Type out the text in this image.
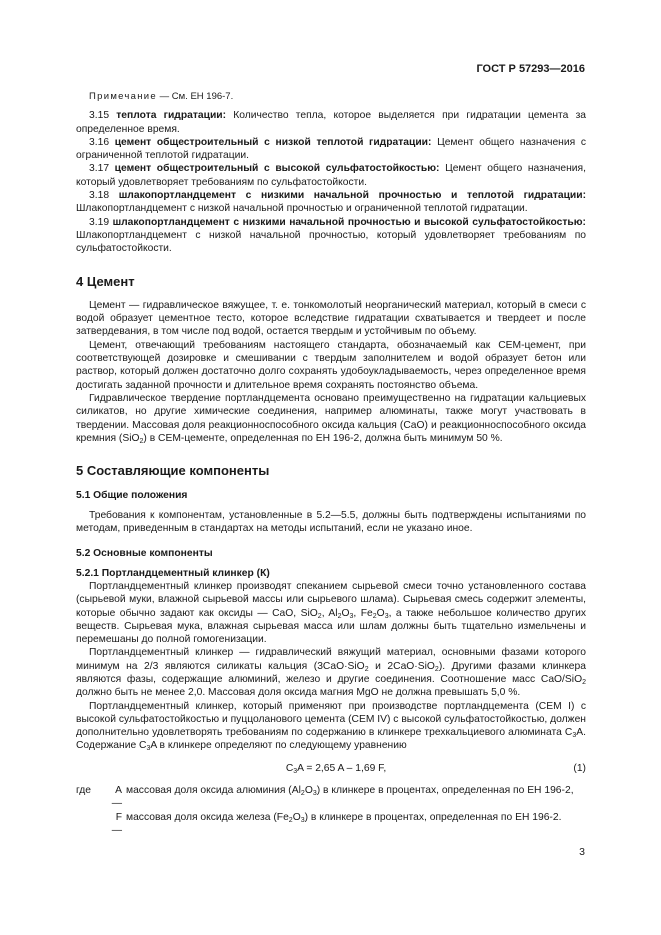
ГОСТ Р 57293—2016

Примечание — См. ЕН 196-7.

3.15 теплота гидратации: Количество тепла, которое выделяется при гидратации цемента за определенное время.

3.16 цемент общестроительный с низкой теплотой гидратации: Цемент общего назначения с ограниченной теплотой гидратации.

3.17 цемент общестроительный с высокой сульфатостойкостью: Цемент общего назначения, который удовлетворяет требованиям по сульфатостойкости.

3.18 шлакопортландцемент с низкими начальной прочностью и теплотой гидратации: Шлакопортландцемент с низкой начальной прочностью и ограниченной теплотой гидратации.

3.19 шлакопортландцемент с низкими начальной прочностью и высокой сульфатостойкостью: Шлакопортландцемент с низкой начальной прочностью, который удовлетворяет требованиям по сульфатостойкости.

4 Цемент

Цемент — гидравлическое вяжущее, т. е. тонкомолотый неорганический материал, который в смеси с водой образует цементное тесто, которое вследствие гидратации схватывается и твердеет и после затвердевания, в том числе под водой, остается твердым и устойчивым по объему.

Цемент, отвечающий требованиям настоящего стандарта, обозначаемый как CEM-цемент, при соответствующей дозировке и смешивании с твердым заполнителем и водой образует бетон или раствор, который должен достаточно долго сохранять удобоукладываемость, через определенное время достигать заданной прочности и длительное время сохранять постоянство объема.

Гидравлическое твердение портландцемента основано преимущественно на гидратации кальциевых силикатов, но другие химические соединения, например алюминаты, также могут участвовать в твердении. Массовая доля реакционноспособного оксида кальция (CaO) и реакционноспособного оксида кремния (SiO$_2$) в CEM-цементе, определенная по ЕН 196-2, должна быть минимум 50 %.

5 Составляющие компоненты
5.1 Общие положения

Требования к компонентам, установленные в 5.2—5.5, должны быть подтверждены испытаниями по методам, приведенным в стандартах на методы испытаний, если не указано иное.

5.2 Основные компоненты
5.2.1 Портландцементный клинкер (К)

Портландцементный клинкер производят спеканием сырьевой смеси точно установленного состава (сырьевой муки, влажной сырьевой массы или сырьевого шлама). Сырьевая смесь содержит элементы, которые обычно задают как оксиды — CaO, SiO$_2$, $Al_2O_3$, $Fe_2O_3$, а также небольшое количество других веществ. Сырьевая мука, влажная сырьевая масса или шлам должны быть тщательно измельчены и перемешаны до полной гомогенизации.

Портландцементный клинкер — гидравлический вяжущий материал, основными фазами которого минимум на 2/3 являются силикаты кальция (3CaO·SiO$_2$ и 2CaO·SiO$_2$). Другими фазами клинкера являются фазы, содержащие алюминий, железо и другие соединения. Соотношение масс CaO/SiO$_2$ должно быть не менее 2,0. Массовая доля оксида магния MgO не должна превышать 5,0 %.

Портландцементный клинкер, который применяют при производстве портландцемента (CEM I) с высокой сульфатостойкостью и пуццоланового цемента (CEM IV) с высокой сульфатостойкостью, должен дополнительно удовлетворять требованиям по содержанию в клинкере трехкальциевого алюмината $C_3A$. Содержание $C_3A$ в клинкере определяют по следующему уравнению

$C_3A = 2,65$ A – 1,69 F,	(1)
где	A —
массовая доля оксида алюминия $(Al_2O_3)$ в клинкере в процентах, определенная по ЕН 196-2,
F —
массовая доля оксида железа $(Fe_2O_3)$ в клинкере в процентах, определенная по ЕН 196-2.
3
